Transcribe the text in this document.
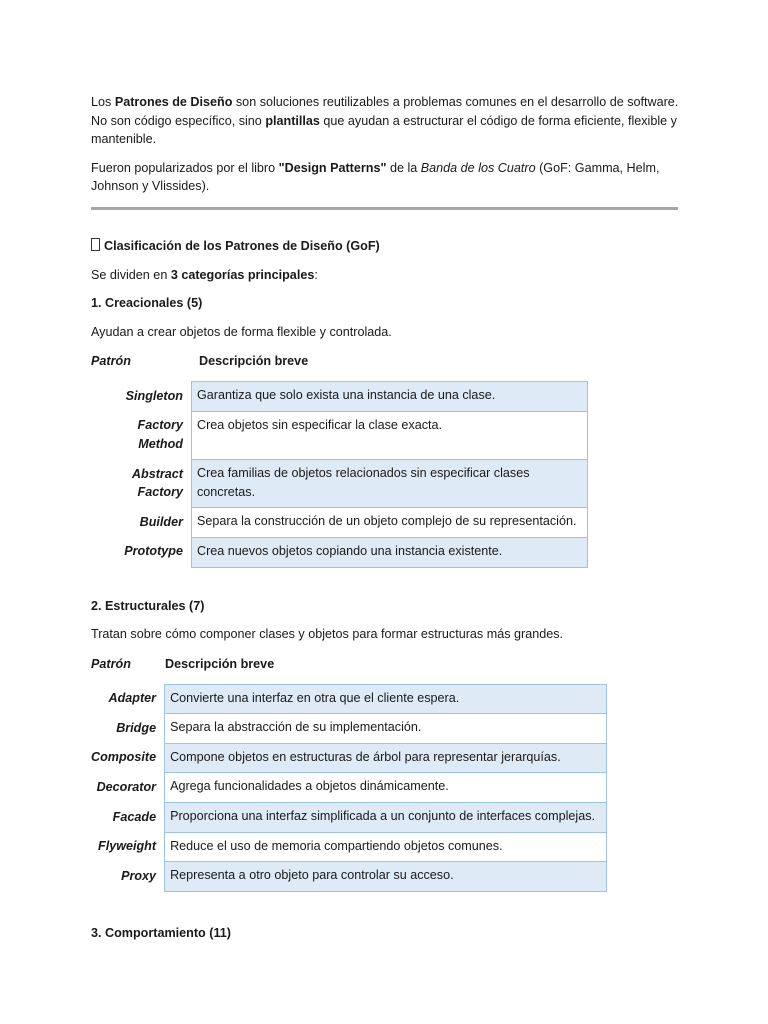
Los Patrones de Diseño son soluciones reutilizables a problemas comunes en el desarrollo de software. No son código específico, sino plantillas que ayudan a estructurar el código de forma eficiente, flexible y mantenible.

Fueron popularizados por el libro "Design Patterns" de la Banda de los Cuatro (GoF: Gamma, Helm, Johnson y Vlissides).

Clasificación de los Patrones de Diseño (GoF)

Se dividen en 3 categorías principales:

1. Creacionales (5)

Ayudan a crear objetos de forma flexible y controlada.

Patrón	Descripción breve
Singleton	Garantiza que solo exista una instancia de una clase.
Factory Method	Crea objetos sin especificar la clase exacta.
Abstract Factory	Crea familias de objetos relacionados sin especificar clases concretas.
Builder	Separa la construcción de un objeto complejo de su representación.
Prototype	Crea nuevos objetos copiando una instancia existente.

2. Estructurales (7)

Tratan sobre cómo componer clases y objetos para formar estructuras más grandes.

Patrón	Descripción breve
Adapter	Convierte una interfaz en otra que el cliente espera.
Bridge	Separa la abstracción de su implementación.
Composite	Compone objetos en estructuras de árbol para representar jerarquías.
Decorator	Agrega funcionalidades a objetos dinámicamente.
Facade	Proporciona una interfaz simplificada a un conjunto de interfaces complejas.
Flyweight	Reduce el uso de memoria compartiendo objetos comunes.
Proxy	Representa a otro objeto para controlar su acceso.

3. Comportamiento (11)
